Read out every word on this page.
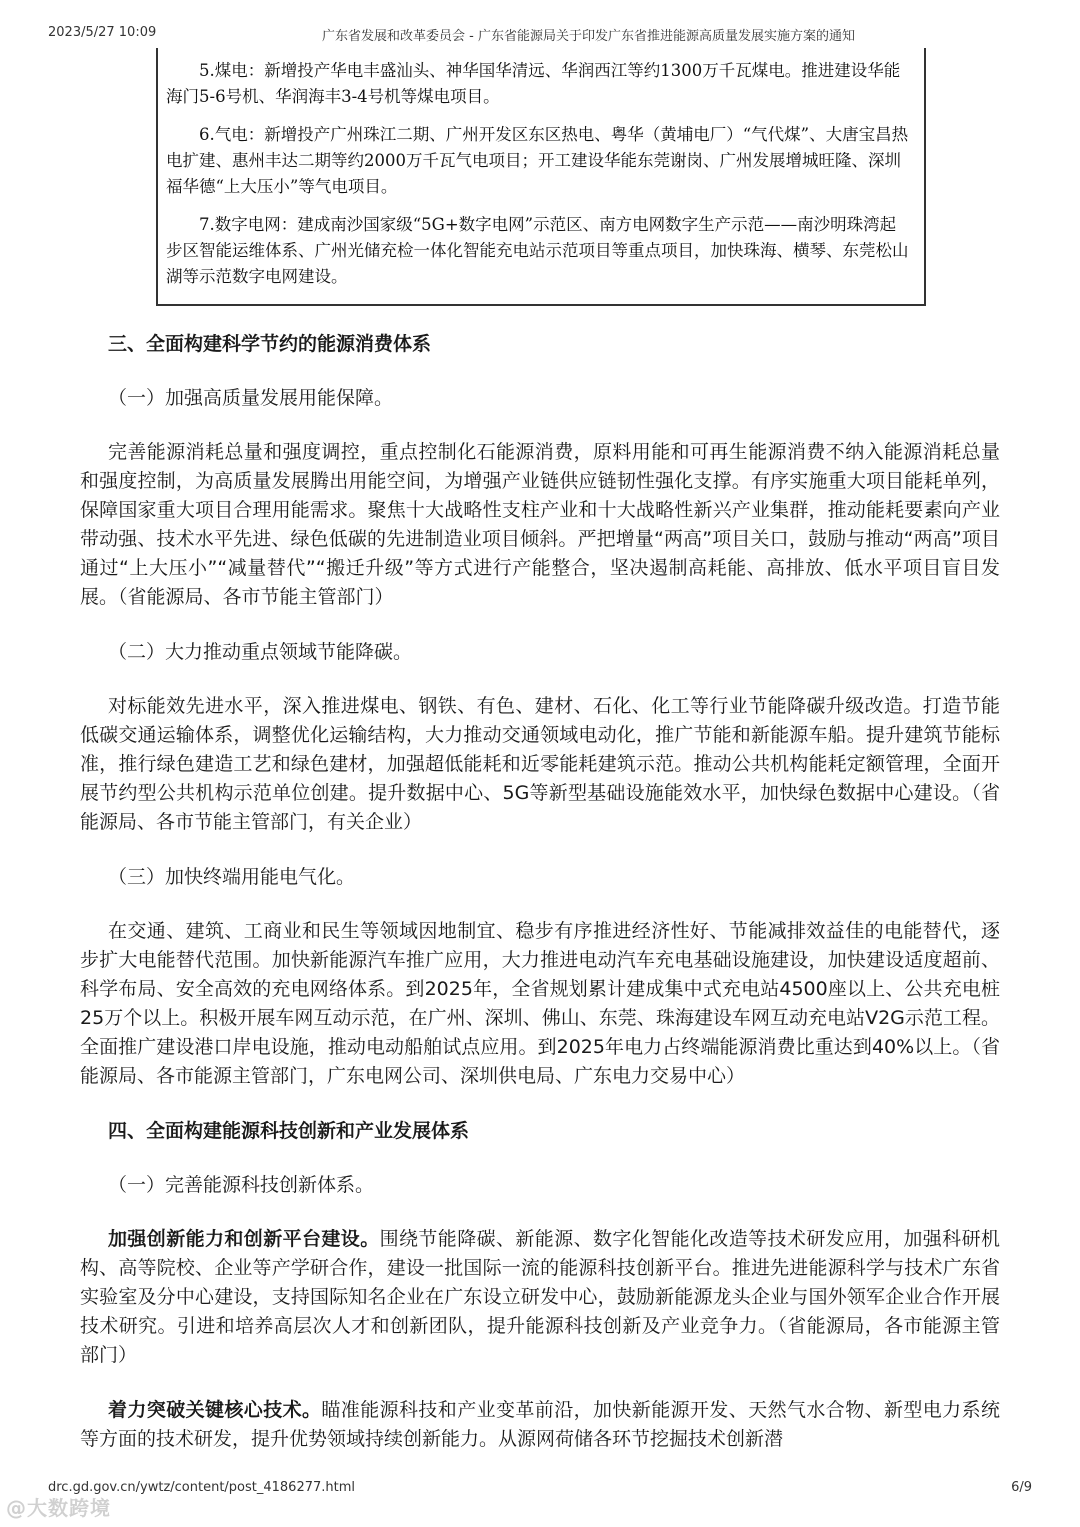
2023/5/27 10:09	广东省发展和改革委员会 - 广东省能源局关于印发广东省推进能源高质量发展实施方案的通知

5.煤电：新增投产华电丰盛汕头、神华国华清远、华润西江等约1300万千瓦煤电。推进建设华能海门5-6号机、华润海丰3-4号机等煤电项目。

6.气电：新增投产广州珠江二期、广州开发区东区热电、粤华（黄埔电厂）“气代煤”、大唐宝昌热电扩建、惠州丰达二期等约2000万千瓦气电项目；开工建设华能东莞谢岗、广州发展增城旺隆、深圳福华德“上大压小”等气电项目。

7.数字电网：建成南沙国家级“5G+数字电网”示范区、南方电网数字生产示范——南沙明珠湾起步区智能运维体系、广州光储充检一体化智能充电站示范项目等重点项目，加快珠海、横琴、东莞松山湖等示范数字电网建设。

三、全面构建科学节约的能源消费体系

（一）加强高质量发展用能保障。

完善能源消耗总量和强度调控，重点控制化石能源消费，原料用能和可再生能源消费不纳入能源消耗总量和强度控制，为高质量发展腾出用能空间，为增强产业链供应链韧性强化支撑。有序实施重大项目能耗单列，保障国家重大项目合理用能需求。聚焦十大战略性支柱产业和十大战略性新兴产业集群，推动能耗要素向产业带动强、技术水平先进、绿色低碳的先进制造业项目倾斜。严把增量“两高”项目关口，鼓励与推动“两高”项目通过“上大压小”“减量替代”“搬迁升级”等方式进行产能整合，坚决遏制高耗能、高排放、低水平项目盲目发展。（省能源局、各市节能主管部门）

（二）大力推动重点领域节能降碳。

对标能效先进水平，深入推进煤电、钢铁、有色、建材、石化、化工等行业节能降碳升级改造。打造节能低碳交通运输体系，调整优化运输结构，大力推动交通领域电动化，推广节能和新能源车船。提升建筑节能标准，推行绿色建造工艺和绿色建材，加强超低能耗和近零能耗建筑示范。推动公共机构能耗定额管理，全面开展节约型公共机构示范单位创建。提升数据中心、5G等新型基础设施能效水平，加快绿色数据中心建设。（省能源局、各市节能主管部门，有关企业）

（三）加快终端用能电气化。

在交通、建筑、工商业和民生等领域因地制宜、稳步有序推进经济性好、节能减排效益佳的电能替代，逐步扩大电能替代范围。加快新能源汽车推广应用，大力推进电动汽车充电基础设施建设，加快建设适度超前、科学布局、安全高效的充电网络体系。到2025年，全省规划累计建成集中式充电站4500座以上、公共充电桩25万个以上。积极开展车网互动示范，在广州、深圳、佛山、东莞、珠海建设车网互动充电站V2G示范工程。全面推广建设港口岸电设施，推动电动船舶试点应用。到2025年电力占终端能源消费比重达到40%以上。（省能源局、各市能源主管部门，广东电网公司、深圳供电局、广东电力交易中心）

四、全面构建能源科技创新和产业发展体系

（一）完善能源科技创新体系。

加强创新能力和创新平台建设。围绕节能降碳、新能源、数字化智能化改造等技术研发应用，加强科研机构、高等院校、企业等产学研合作，建设一批国际一流的能源科技创新平台。推进先进能源科学与技术广东省实验室及分中心建设，支持国际知名企业在广东设立研发中心，鼓励新能源龙头企业与国外领军企业合作开展技术研究。引进和培养高层次人才和创新团队，提升能源科技创新及产业竞争力。（省能源局，各市能源主管部门）

着力突破关键核心技术。瞄准能源科技和产业变革前沿，加快新能源开发、天然气水合物、新型电力系统等方面的技术研发，提升优势领域持续创新能力。从源网荷储各环节挖掘技术创新潜

drc.gd.gov.cn/ywtz/content/post_4186277.html	6/9
@大数跨境
